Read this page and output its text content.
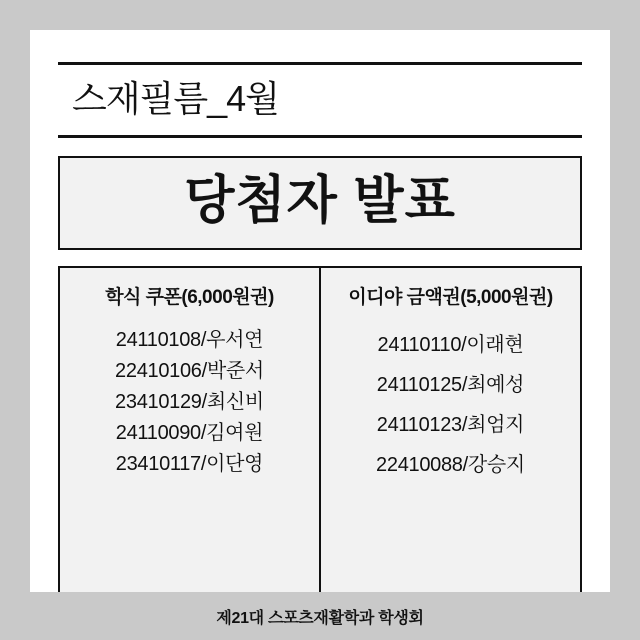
스재필름_4월
당첨자 발표
학식 쿠폰(6,000원권)
24110108/우서연
22410106/박준서
23410129/최신비
24110090/김여원
23410117/이단영
이디야 금액권(5,000원권)
24110110/이래현
24110125/최예성
24110123/최엄지
22410088/강승지
제21대 스포츠재활학과 학생회
